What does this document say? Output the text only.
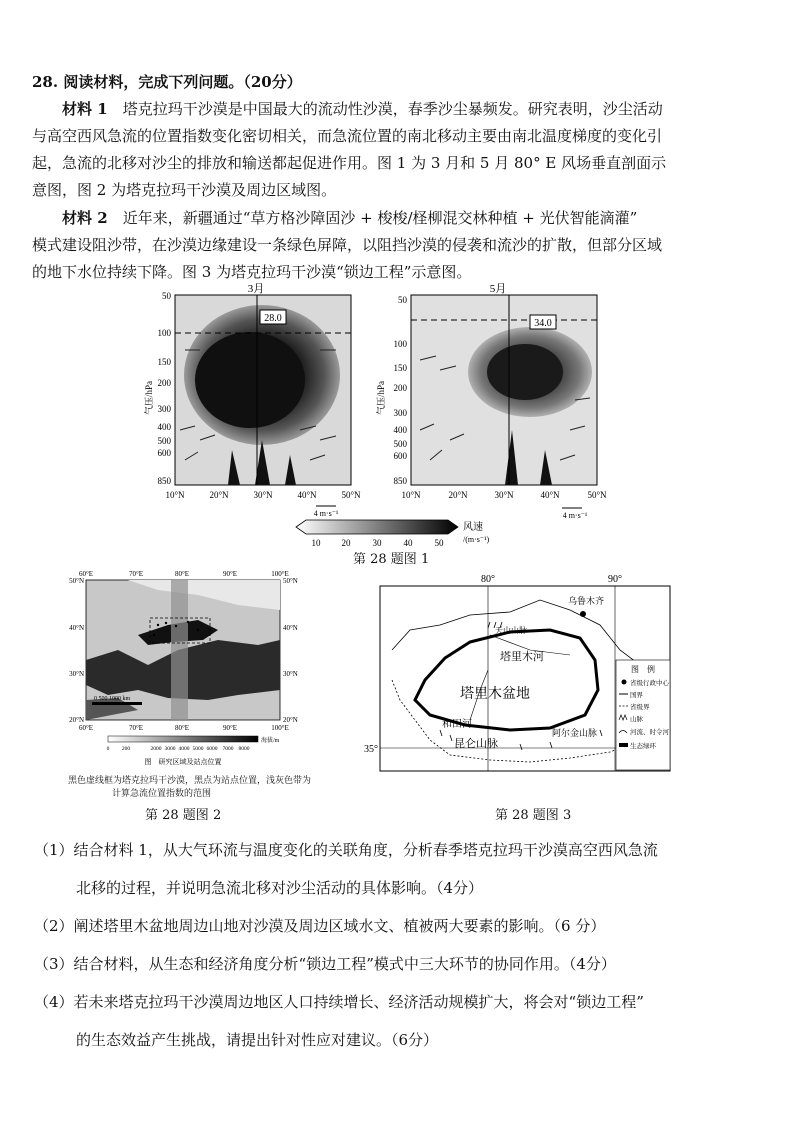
28. 阅读材料，完成下列问题。（20分）
材料 1　 塔克拉玛干沙漠是中国最大的流动性沙漠，春季沙尘暴频发。研究表明，沙尘活动
与高空西风急流的位置指数变化密切相关，而急流位置的南北移动主要由南北温度梯度的变化引
起，急流的北移对沙尘的排放和输送都起促进作用。图 1 为 3 月和 5 月 80° E 风场垂直剖面示
意图，图 2 为塔克拉玛干沙漠及周边区域图。
材料 2　 近年来，新疆通过“草方格沙障固沙 + 梭梭/柽柳混交林种植 + 光伏智能滴灌”
模式建设阻沙带，在沙漠边缘建设一条绿色屏障，以阻挡沙漠的侵袭和流沙的扩散，但部分区域
的地下水位持续下降。图 3 为塔克拉玛干沙漠“锁边工程”示意图。
3月
28.0
气压/hPa
50
100
150
200
300
400
500
600
850
10°N	20°N	30°N	40°N	50°N
4 m·s⁻¹
5月
34.0
气压/hPa
50
100
150
200
300
400
500
600
850
10°N	20°N	30°N	40°N	50°N
4 m·s⁻¹
10 20 30 40 50
风速
/(m·s⁻¹)
第 28 题图 1
60°E	70°E	80°E	90°E	100°E
50°N
40°N
30°N
20°N
50°N
40°N
30°N
20°N
60°E	70°E	80°E	90°E	100°E
0 500 1000 km
0 200	2000 3000 4000 5000 6000 7000 8000
海拔/m
图　研究区域及站点位置
黑色虚线框为塔克拉玛干沙漠，黑点为站点位置，浅灰色带为
计算急流位置指数的范围
第 28 题图 2
80°	90°
35°
乌鲁木齐
天山山脉
塔里木河
塔里木盆地
和田河
昆仑山脉
阿尔金山脉
图　例
省级行政中心
国界
省级界
山脉
河流、时令河
生态绿环
第 28 题图 3
（1）结合材料 1，从大气环流与温度变化的关联角度，分析春季塔克拉玛干沙漠高空西风急流
北移的过程，并说明急流北移对沙尘活动的具体影响。（4分）
（2）阐述塔里木盆地周边山地对沙漠及周边区域水文、植被两大要素的影响。（6 分）
（3）结合材料，从生态和经济角度分析“锁边工程”模式中三大环节的协同作用。（4分）
（4）若未来塔克拉玛干沙漠周边地区人口持续增长、经济活动规模扩大，将会对“锁边工程”
的生态效益产生挑战，请提出针对性应对建议。（6分）
